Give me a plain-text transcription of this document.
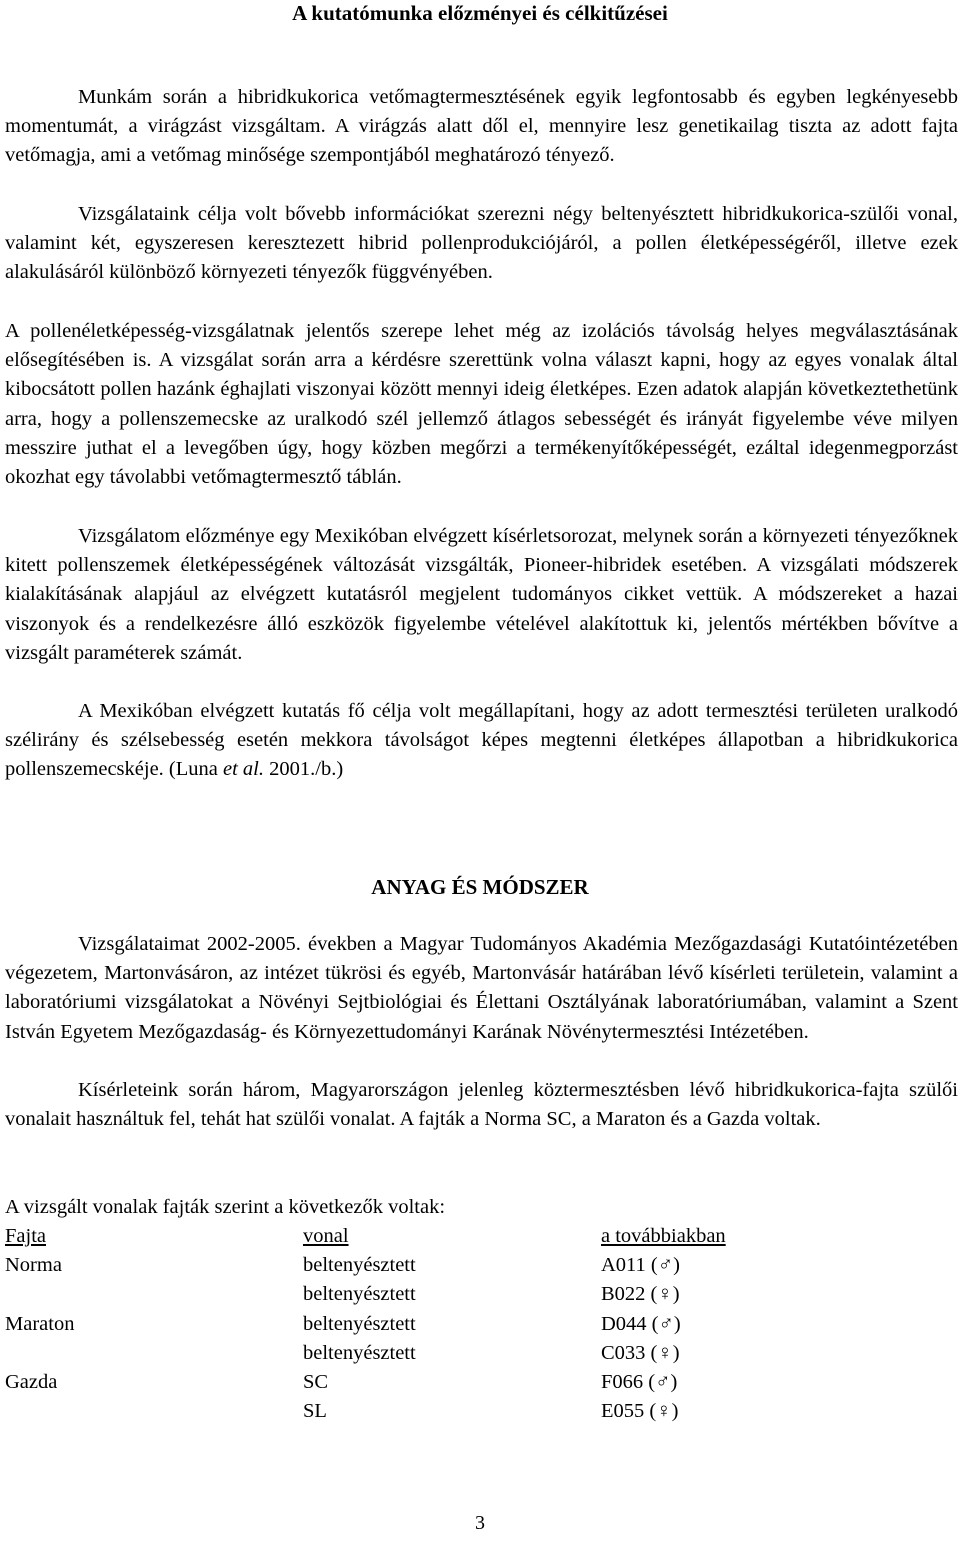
A kutatómunka előzményei és célkitűzései

Munkám során a hibridkukorica vetőmagtermesztésének egyik legfontosabb és egyben legkényesebb momentumát, a virágzást vizsgáltam. A virágzás alatt dől el, mennyire lesz genetikailag tiszta az adott fajta vetőmagja, ami a vetőmag minősége szempontjából meghatározó tényező.

Vizsgálataink célja volt bővebb információkat szerezni négy beltenyésztett hibridkukorica-szülői vonal, valamint két, egyszeresen keresztezett hibrid pollenprodukciójáról, a pollen életképességéről, illetve ezek alakulásáról különböző környezeti tényezők függvényében.

A pollenéletképesség-vizsgálatnak jelentős szerepe lehet még az izolációs távolság helyes megválasztásának elősegítésében is. A vizsgálat során arra a kérdésre szerettünk volna választ kapni, hogy az egyes vonalak által kibocsátott pollen hazánk éghajlati viszonyai között mennyi ideig életképes. Ezen adatok alapján következtethetünk arra, hogy a pollenszemecske az uralkodó szél jellemző átlagos sebességét és irányát figyelembe véve milyen messzire juthat el a levegőben úgy, hogy közben megőrzi a termékenyítőképességét, ezáltal idegenmegporzást okozhat egy távolabbi vetőmagtermesztő táblán.

Vizsgálatom előzménye egy Mexikóban elvégzett kísérletsorozat, melynek során a környezeti tényezőknek kitett pollenszemek életképességének változását vizsgálták, Pioneer-hibridek esetében. A vizsgálati módszerek kialakításának alapjául az elvégzett kutatásról megjelent tudományos cikket vettük. A módszereket a hazai viszonyok és a rendelkezésre álló eszközök figyelembe vételével alakítottuk ki, jelentős mértékben bővítve a vizsgált paraméterek számát.

A Mexikóban elvégzett kutatás fő célja volt megállapítani, hogy az adott termesztési területen uralkodó szélirány és szélsebesség esetén mekkora távolságot képes megtenni életképes állapotban a hibridkukorica pollenszemecskéje. (Luna et al. 2001./b.)

ANYAG ÉS MÓDSZER

Vizsgálataimat 2002-2005. években a Magyar Tudományos Akadémia Mezőgazdasági Kutatóintézetében végezetem, Martonvásáron, az intézet tükrösi és egyéb, Martonvásár határában lévő kísérleti területein, valamint a laboratóriumi vizsgálatokat a Növényi Sejtbiológiai és Élettani Osztályának laboratóriumában, valamint a Szent István Egyetem Mezőgazdaság- és Környezettudományi Karának Növénytermesztési Intézetében.

Kísérleteink során három, Magyarországon jelenleg köztermesztésben lévő hibridkukorica-fajta szülői vonalait használtuk fel, tehát hat szülői vonalat. A fajták a Norma SC, a Maraton és a Gazda voltak.

A vizsgált vonalak fajták szerint a következők voltak:

Fajta	vonal	a továbbiakban
Norma	beltenyésztett	A011 (♂)
	beltenyésztett	B022 (♀)
Maraton	beltenyésztett	D044 (♂)
	beltenyésztett	C033 (♀)
Gazda	SC	F066 (♂)
	SL	E055 (♀)
3
